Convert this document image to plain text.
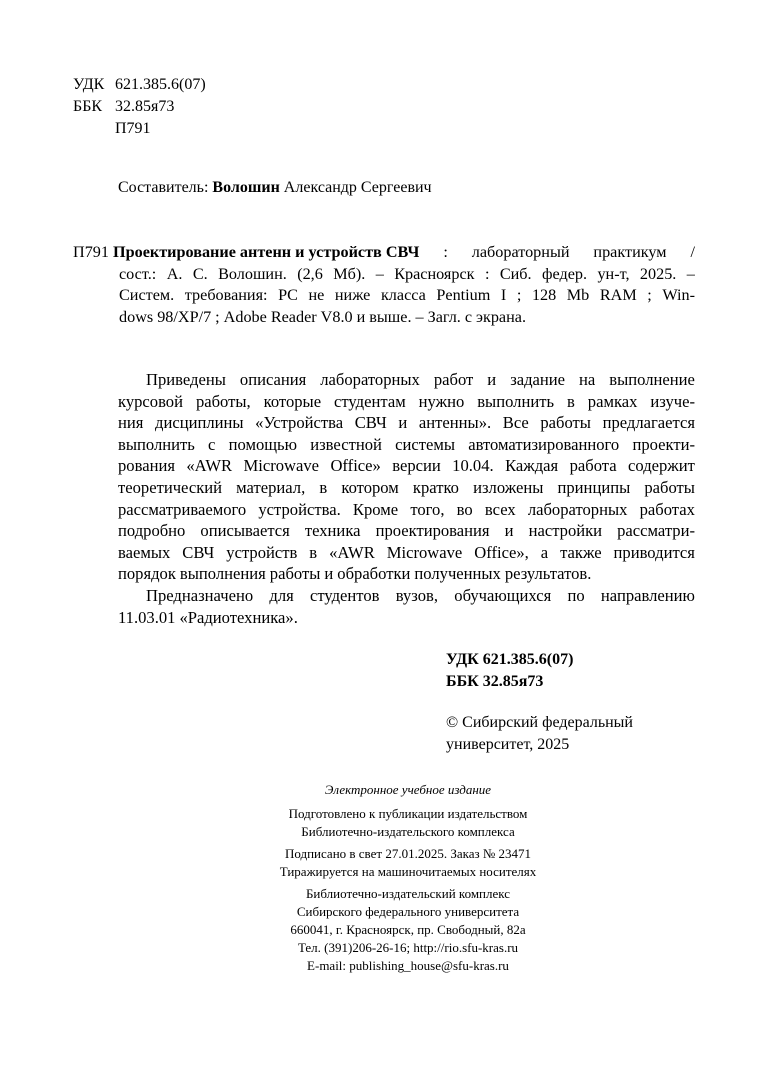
УДК 621.385.6(07)
ББК 32.85я73
П791
Составитель: Волошин Александр Сергеевич
П791 Проектирование антенн и устройств СВЧ : лабораторный практикум /
сост.: А. С. Волошин. (2,6 Мб). – Красноярск : Сиб. федер. ун-т, 2025. –
Систем. требования: PC не ниже класса Pentium I ; 128 Mb RAM ; Win-
dows 98/XP/7 ; Adobe Reader V8.0 и выше. – Загл. с экрана.
Приведены описания лабораторных работ и задание на выполнение
курсовой работы, которые студентам нужно выполнить в рамках изуче-
ния дисциплины «Устройства СВЧ и антенны». Все работы предлагается
выполнить с помощью известной системы автоматизированного проекти-
рования «AWR Microwave Office» версии 10.04. Каждая работа содержит
теоретический материал, в котором кратко изложены принципы работы
рассматриваемого устройства. Кроме того, во всех лабораторных работах
подробно описывается техника проектирования и настройки рассматри-
ваемых СВЧ устройств в «AWR Microwave Office», а также приводится
порядок выполнения работы и обработки полученных результатов.
Предназначено для студентов вузов, обучающихся по направлению
11.03.01 «Радиотехника».
УДК 621.385.6(07)
ББК 32.85я73
© Сибирский федеральный
университет, 2025
Электронное учебное издание
Подготовлено к публикации издательством
Библиотечно-издательского комплекса
Подписано в свет 27.01.2025. Заказ № 23471
Тиражируется на машиночитаемых носителях
Библиотечно-издательский комплекс
Сибирского федерального университета
660041, г. Красноярск, пр. Свободный, 82а
Тел. (391)206-26-16; http://rio.sfu-kras.ru
E-mail: publishing_house@sfu-kras.ru
